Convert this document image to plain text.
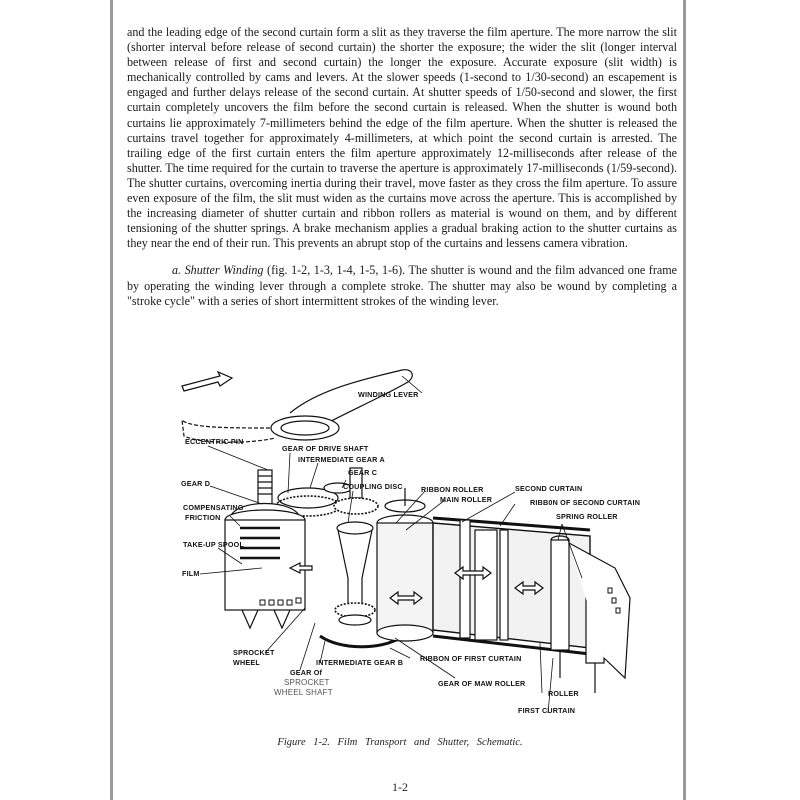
and the leading edge of the second curtain form a slit as they traverse the film aperture. The more narrow the slit (shorter interval before release of second curtain) the shorter the exposure; the wider the slit (longer interval between release of first and second curtain) the longer the exposure. Accurate exposure (slit width) is mechanically controlled by cams and levers. At the slower speeds (1-second to 1/30-second) an escapement is engaged and further delays release of the second curtain. At shutter speeds of 1/50-second and slower, the first curtain completely uncovers the film before the second curtain is released. When the shutter is wound both curtains lie approximately 7-millimeters behind the edge of the film aperture. When the shutter is released the curtains travel together for approximately 4-millimeters, at which point the second curtain is arrested. The trailing edge of the first curtain enters the film aperture approximately 12-milliseconds after release of the shutter. The time required for the curtain to traverse the aperture is approximately 17-milliseconds (1/59-second). The shutter curtains, overcoming inertia during their travel, move faster as they cross the film aperture. To assure even exposure of the film, the slit must widen as the curtains move across the aperture. This is accomplished by the increasing diameter of shutter curtain and ribbon rollers as material is wound on them, and by different tensioning of the shutter springs. A brake mechanism applies a gradual braking action to the shutter curtains as they near the end of their run. This prevents an abrupt stop of the curtains and lessens camera vibration.

a. Shutter Winding (fig. 1-2, 1-3, 1-4, 1-5, 1-6). The shutter is wound and the film advanced one frame by operating the winding lever through a complete stroke. The shutter may also be wound by completing a "stroke cycle" with a series of short intermittent strokes of the winding lever.

WINDING LEVER
ECCENTRIC PIN
GEAR OF DRIVE SHAFT
INTERMEDIATE GEAR A
GEAR C
GEAR D	COUPLING DISC	RIBBON ROLLER
MAIN ROLLER
SECOND CURTAIN
RIBB0N OF SECOND CURTAIN
SPRING ROLLER
COMPENSATING
FRICTION
TAKE-UP SPOOL
FILM
SPROCKET
WHEEL
GEAR Of
SPROCKET
WHEEL SHAFT
INTERMEDIATE GEAR B RIBBON OF FIRST CURTAIN
GEAR OF MAW ROLLER
ROLLER
FIRST CURTAIN
Figure 1-2. Film Transport and Shutter, Schematic.
1-2
